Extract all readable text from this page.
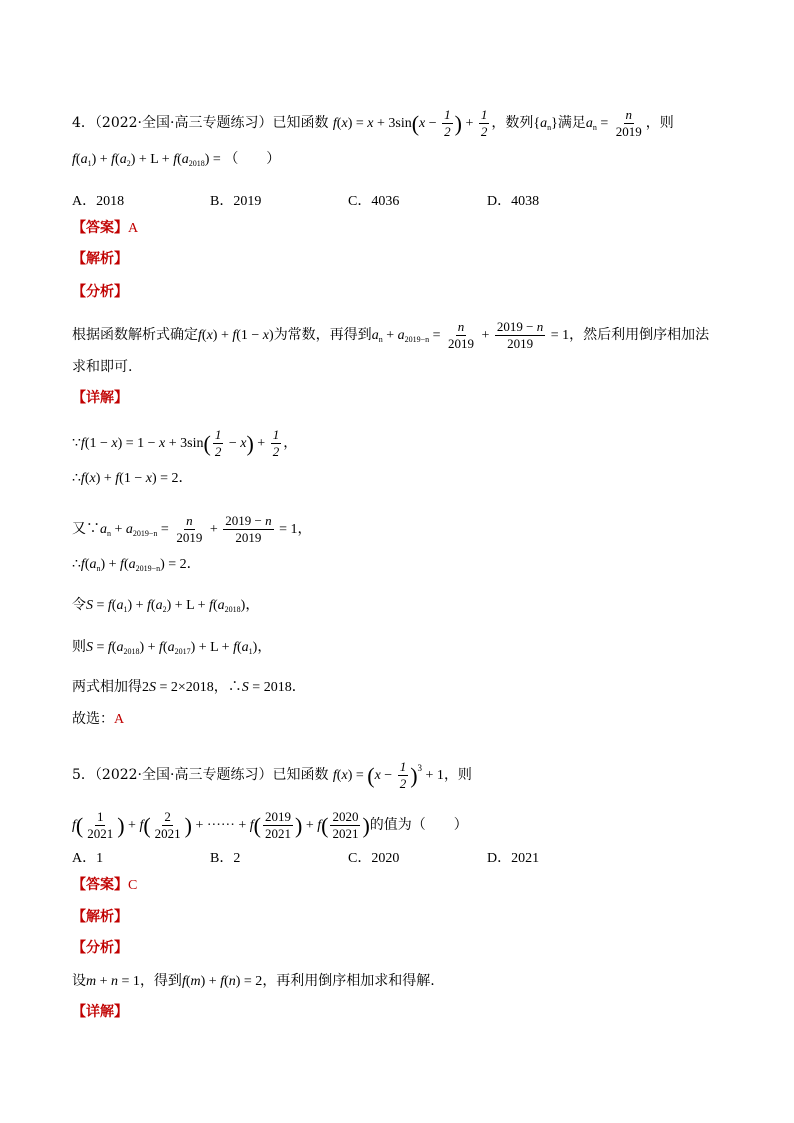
4．（2022·全国·高三专题练习）已知函数 $f(x) = x + 3\sin(x - \frac{1}{2}$ ) + $\frac{1}{2}$ ，数列$\{a_n\}$满足$a_n = \frac{n}{2019}$ ，则
$f(a_1) + f(a_2) + L + f(a_{2018})$ = （　　）
A．2018	B．2019	C．4036	D．4038
【答案】A
【解析】
【分析】
根据函数解析式确定f(x) + f(1 − x)为常数，再得到$a_n + a_{2019-n} = \frac{n}{2019} + \frac{2019 - n}{2019} = 1$，然后利用倒序相加法
求和即可.
【详解】
∵f(1 − $x) = 1 - x + 3\sin( \frac{1}{2} - x) + \frac{1}{2}$ ，
∴f(x) + f(1 − x) = 2．
又$\because a_n + a_{2019-n} = \frac{n}{2019} + \frac{2019 - n}{2019} = 1$，
$\therefore f(a_n) + f(a_{2019-n}) = 2$．
令$S = f(a_1) + f(a_2) + L + f(a_{2018})$，
则$S = f(a_{2018}) + f(a_{2017}) + L + f(a_1)$，
两式相加得2S = 2×2018，∴S = 2018．
故选：A
5．（2022·全国·高三专题练习）已知函数 $f(x) = (x - \frac{1}{2} )^3 + 1$，则
$f( \frac{1}{2021}$ ) + $f( \frac{2}{2021}$ ) + ······ + $f( \frac{2019}{2021}$ ) + $f( \frac{2020}{2021}$ )的值为（　　）
A．1	B．2	C．2020	D．2021
【答案】C
【解析】
【分析】
设m + n = 1，得到f(m) + f(n) = 2，再利用倒序相加求和得解.
【详解】
